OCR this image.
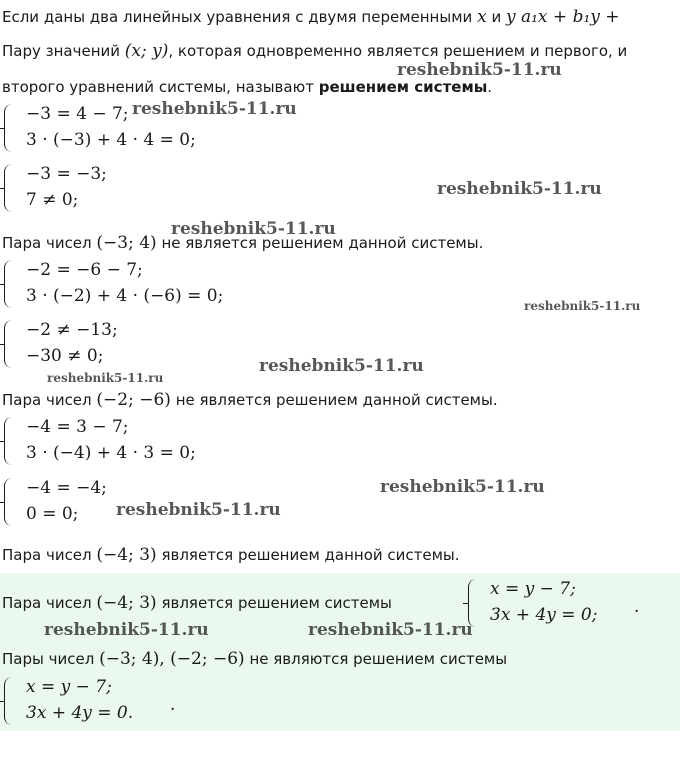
Если даны два линейных уравнения с двумя переменными x и y a₁x + b₁y +
Пару значений (x; y), которая одновременно является решением и первого, и
второго уравнений системы, называют решением системы.
−3 = 4 − 7;
3 · (−3) + 4 · 4 = 0;
−3 = −3;
7 ≠ 0;
Пара чисел (−3; 4) не является решением данной системы.
−2 = −6 − 7;
3 · (−2) + 4 · (−6) = 0;
−2 ≠ −13;
−30 ≠ 0;
Пара чисел (−2; −6) не является решением данной системы.
−4 = 3 − 7;
3 · (−4) + 4 · 3 = 0;
−4 = −4;
0 = 0;
Пара чисел (−4; 3) является решением данной системы.
Пара чисел (−4; 3) является решением системы
x = y − 7;
3x + 4y = 0; .
Пары чисел (−3; 4), (−2; −6) не являются решением системы
x = y − 7;
3x + 4y = 0. .
reshebnik5-11.ru
reshebnik5-11.ru
reshebnik5-11.ru
reshebnik5-11.ru
reshebnik5-11.ru
reshebnik5-11.ru
reshebnik5-11.ru
reshebnik5-11.ru
reshebnik5-11.ru
reshebnik5-11.ru	reshebnik5-11.ru
